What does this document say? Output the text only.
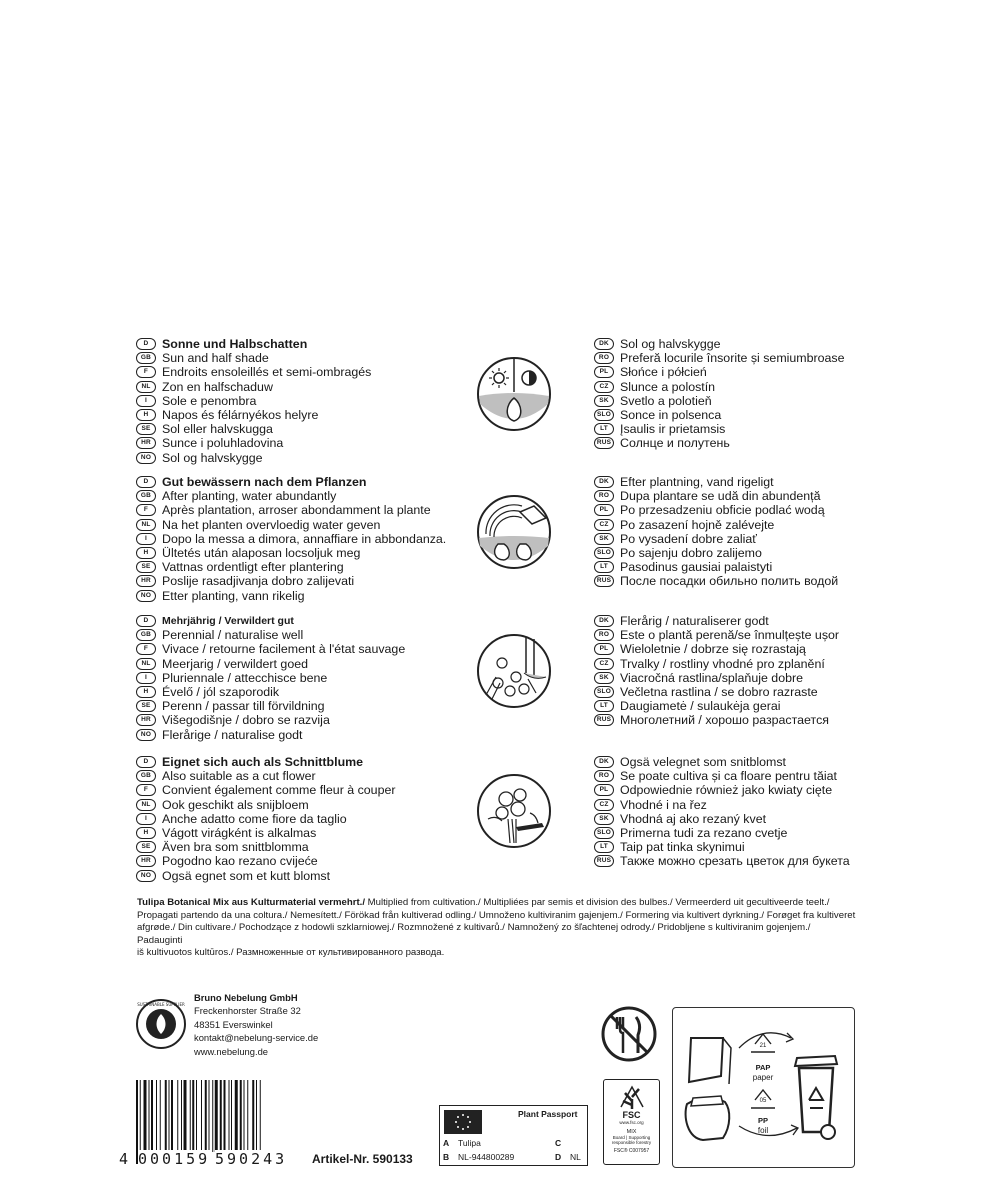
D	Sonne und Halbschatten
GB Sun and half shade
F	Endroits ensoleillés et semi-ombragés
NL Zon en halfschaduw
I	Sole e penombra
H	Napos és félárnyékos helyre
SE Sol eller halvskugga
HR Sunce i poluhladovina
NO Sol og halvskygge
DK Sol og halvskygge
RO Preferă locurile însorite și semiumbroase
PL Słońce i półcień
CZ Slunce a polostín
SK Svetlo a polotieň
SLO Sonce in polsenca
LT Įsaulis ir prietamsis
RUS Солнце и полутень
D	Gut bewässern nach dem Pflanzen
GB After planting, water abundantly
F	Après plantation, arroser abondamment la plante
NL Na het planten overvloedig water geven
I	Dopo la messa a dimora, annaffiare in abbondanza.
H	Ültetés után alaposan locsoljuk meg
SE Vattnas ordentligt efter plantering
HR Poslije rasadjivanja dobro zalijevati
NO Etter planting, vann rikelig
DK Efter plantning, vand rigeligt
RO Dupa plantare se udă din abundență
PL Po przesadzeniu obficie podlać wodą
CZ Po zasazení hojně zalévejte
SK Po vysadení dobre zaliať
SLO Po sajenju dobro zalijemo
LT Pasodinus gausiai palaistyti
RUS После посадки обильно полить водой
D	Mehrjährig / Verwildert gut
GB Perennial / naturalise well
F	Vivace / retourne facilement à l'état sauvage
NL Meerjarig / verwildert goed
I	Pluriennale / attecchisce bene
H	Évelő / jól szaporodik
SE Perenn / passar till förvildning
HR Višegodišnje / dobro se razvija
NO Flerårige / naturalise godt
DK Flerårig / naturaliserer godt
RO Este o plantă perenă/se înmulțește ușor
PL Wieloletnie / dobrze się rozrastają
CZ Trvalky / rostliny vhodné pro zplanění
SK Viacročná rastlina/splaňuje dobre
SLO Večletna rastlina / se dobro razraste
LT Daugiametė / sulaukėja gerai
RUS Многолетний / хорошо разрастается
D	Eignet sich auch als Schnittblume
GB Also suitable as a cut flower
F	Convient également comme fleur à couper
NL Ook geschikt als snijbloem
I	Anche adatto come fiore da taglio
H	Vágott virágként is alkalmas
SE Även bra som snittblomma
HR Pogodno kao rezano cvijeće
NO Ogsä egnet som et kutt blomst
DK Ogsä velegnet som snitblomst
RO Se poate cultiva și ca floare pentru tăiat
PL Odpowiednie również jako kwiaty cięte
CZ Vhodné i na řez
SK Vhodná aj ako rezaný kvet
SLO Primerna tudi za rezano cvetje
LT Taip pat tinka skynimui
RUS Также можно срезать цветок для букета
Tulipa Botanical Mix aus Kulturmaterial vermehrt./ Multiplied from cultivation./ Multipliées par semis et division des bulbes./ Vermeerderd uit gecultiveerde teelt./
Propagati partendo da una coltura./ Nemesített./ Förökad från kultiverad odling./ Umnoženo kultiviranim gajenjem./ Formering via kultivert dyrkning./ Forøget fra kultiveret
afgrøde./ Din cultivare./ Pochodzące z hodowli szklarniowej./ Rozmnožené z kultivarů./ Namnožený zo šľachtenej odrody./ Pridobljene s kultiviranim gojenjem./ Padauginti
iš kultivuotos kultūros./ Размноженные от культивированного развода.
SUSTAINABLE SUPPLIER
Bruno Nebelung GmbH
Freckenhorster Straße 32
48351 Everswinkel
kontakt@nebelung-service.de
www.nebelung.de
4 000159 590243 Artikel-Nr. 590133
Plant Passport
A Tulipa	C
B NL-944800289	D NL
FSC
www.fsc.org
MIX
Board | Supporting
responsible forestry
FSC® C007957
21
PAP
paper
05
PP
foil
